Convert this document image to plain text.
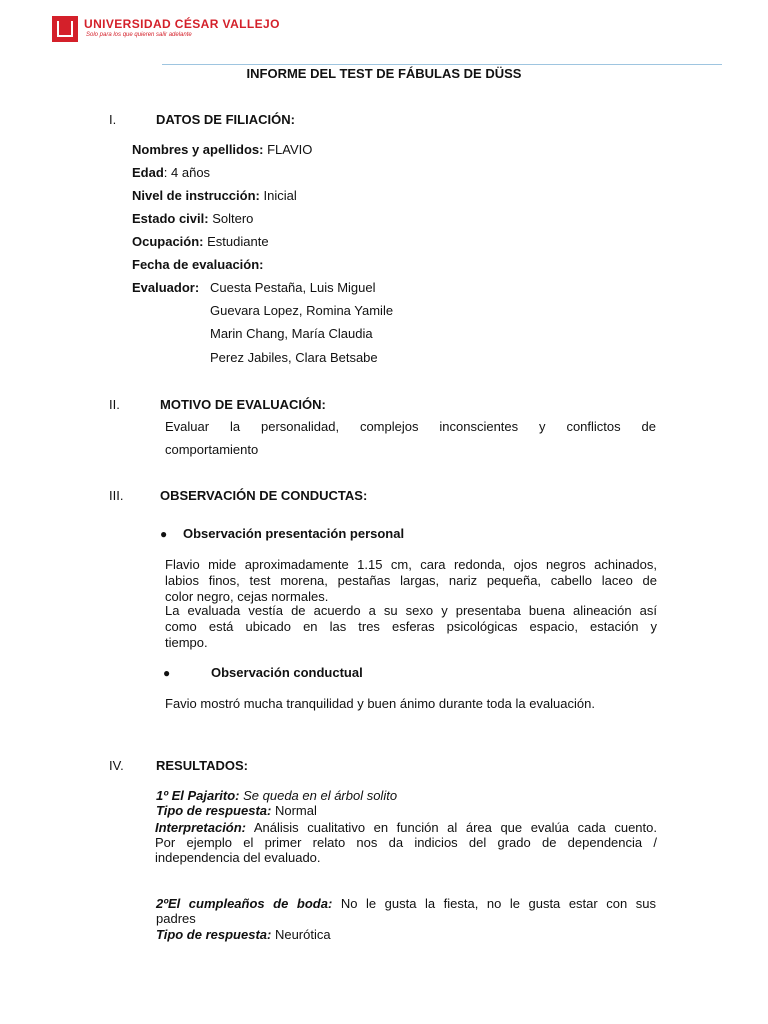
UNIVERSIDAD CÉSAR VALLEJO
Solo para los que quieren salir adelante
INFORME DEL TEST DE FÁBULAS DE DÜSS
I.	DATOS DE FILIACIÓN:
Nombres y apellidos: FLAVIO
Edad: 4 años
Nivel de instrucción: Inicial
Estado civil: Soltero
Ocupación: Estudiante
Fecha de evaluación:
Evaluador: Cuesta Pestaña, Luis Miguel
Guevara Lopez, Romina Yamile
Marin Chang, María Claudia
Perez Jabiles, Clara Betsabe
II.	MOTIVO DE EVALUACIÓN:
Evaluar la personalidad, complejos inconscientes y conflictos de
comportamiento
III.	OBSERVACIÓN DE CONDUCTAS:
● Observación presentación personal
Flavio mide aproximadamente 1.15 cm, cara redonda, ojos negros achinados,
labios finos, test morena, pestañas largas, nariz pequeña, cabello laceo de
color negro, cejas normales.
La evaluada vestía de acuerdo a su sexo y presentaba buena alineación así
como está ubicado en las tres esferas psicológicas espacio, estación y
tiempo.
●	Observación conductual
Favio mostró mucha tranquilidad y buen ánimo durante toda la evaluación.
IV. RESULTADOS:
1º El Pajarito: Se queda en el árbol solito
Tipo de respuesta: Normal
Interpretación: Análisis cualitativo en función al área que evalúa cada cuento.
Por ejemplo el primer relato nos da indicios del grado de dependencia /
independencia del evaluado.
2ºEl cumpleaños de boda: No le gusta la fiesta, no le gusta estar con sus
padres
Tipo de respuesta: Neurótica
